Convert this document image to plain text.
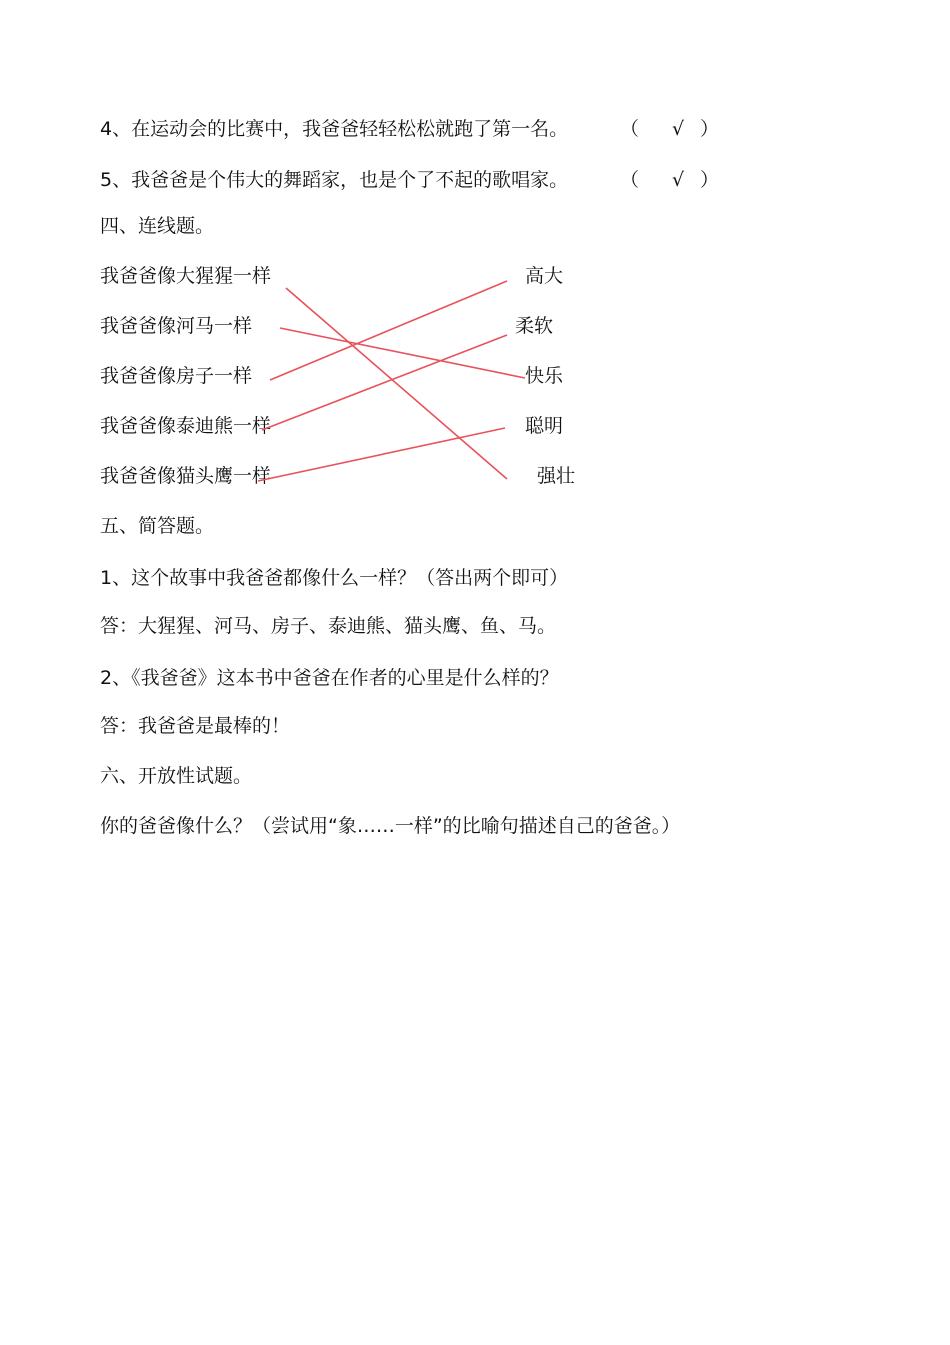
4、在运动会的比赛中，我爸爸轻轻松松就跑了第一名。	（ √ ）
5、我爸爸是个伟大的舞蹈家，也是个了不起的歌唱家。	（ √ ）
四、连线题。
我爸爸像大猩猩一样
我爸爸像河马一样
我爸爸像房子一样
我爸爸像泰迪熊一样
我爸爸像猫头鹰一样
高大
柔软
快乐
聪明
强壮
五、简答题。
1、这个故事中我爸爸都像什么一样？（答出两个即可）
答：大猩猩、河马、房子、泰迪熊、猫头鹰、鱼、马。
2、《我爸爸》这本书中爸爸在作者的心里是什么样的？
答：我爸爸是最棒的！
六、开放性试题。
你的爸爸像什么？（尝试用“象……一样”的比喻句描述自己的爸爸。）
